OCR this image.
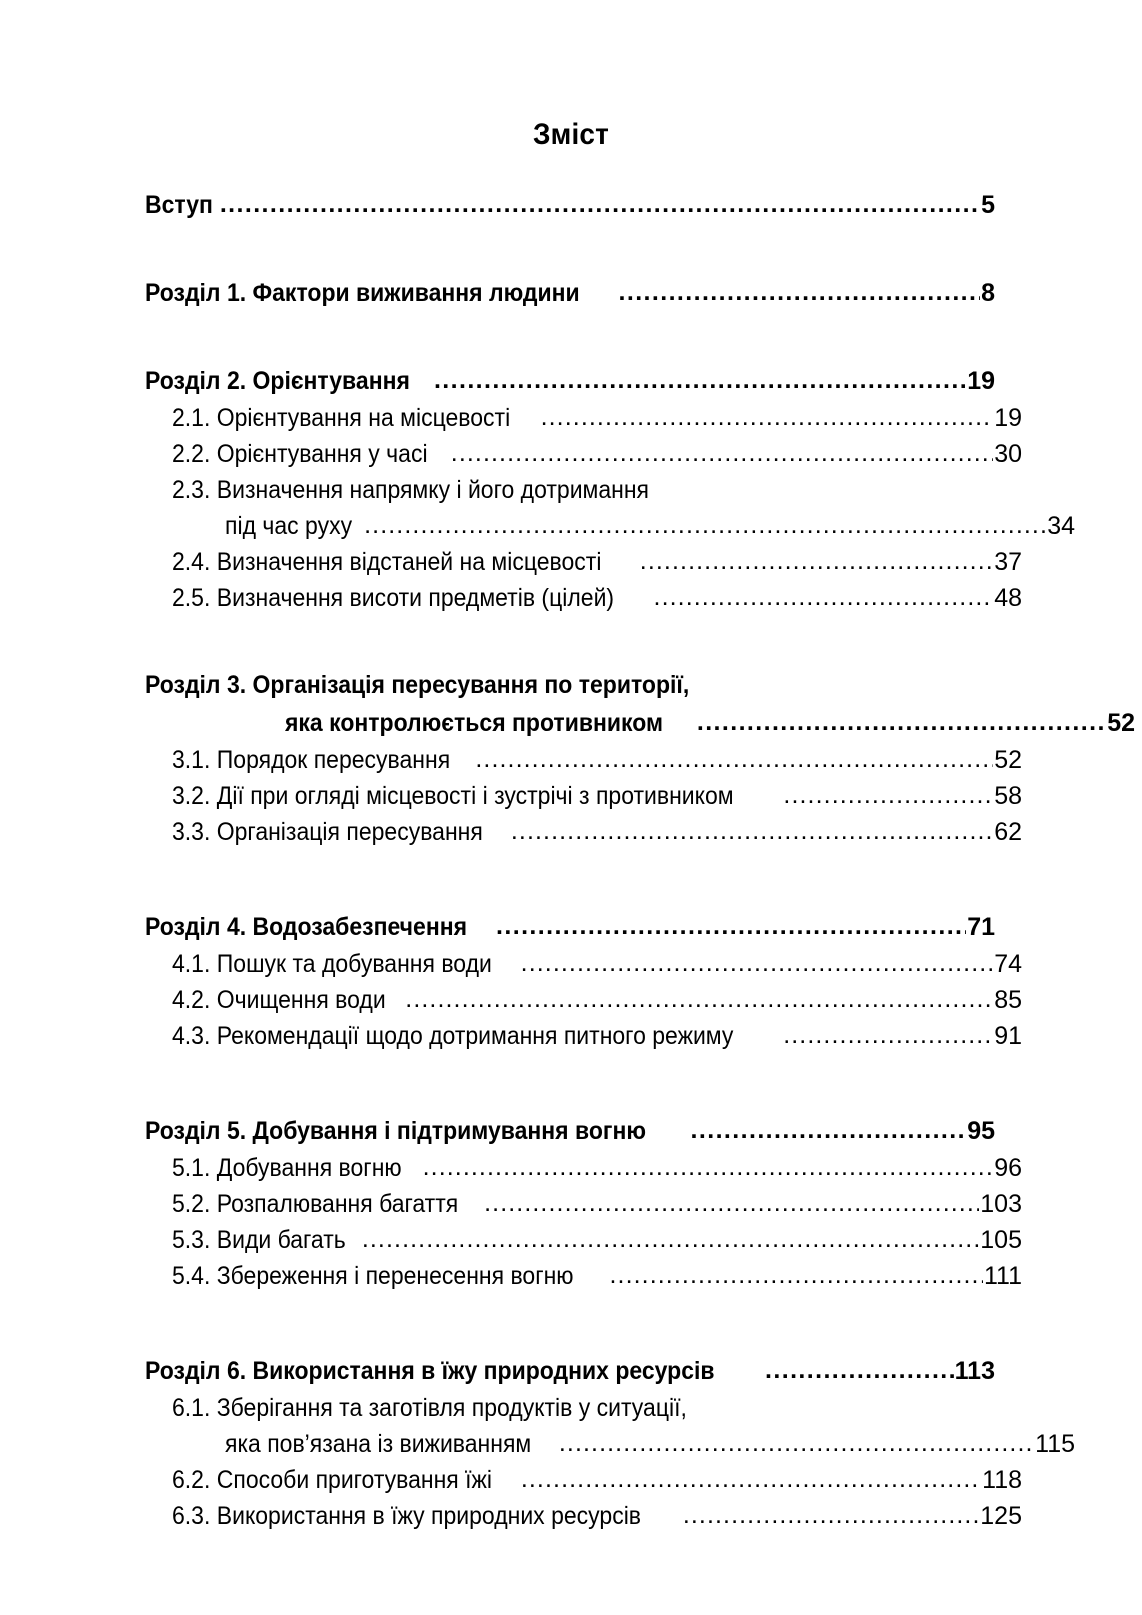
Зміст
Вступ .....	5
Розділ 1. Фактори виживання людини .....	8
Розділ 2. Орієнтування .....	19
2.1. Орієнтування на місцевості .....	19
2.2. Орієнтування у часі .....	30
2.3. Визначення напрямку і його дотримання
під час руху .....	34
2.4. Визначення відстаней на місцевості .....	37
2.5. Визначення висоти предметів (цілей) .....	48
Розділ 3. Організація пересування по території,
яка контролюється противником .....	52
3.1. Порядок пересування .....	52
3.2. Дії при огляді місцевості і зустрічі з противником .....	58
3.3. Організація пересування .....	62
Розділ 4. Водозабезпечення .....	71
4.1. Пошук та добування води .....	74
4.2. Очищення води .....	85
4.3. Рекомендації щодо дотримання питного режиму .....	91
Розділ 5. Добування і підтримування вогню .....	95
5.1. Добування вогню .....	96
5.2. Розпалювання багаття .....	103
5.3. Види багать .....	105
5.4. Збереження і перенесення вогню .....	111
Розділ 6. Використання в їжу природних ресурсів .....	113
6.1. Зберігання та заготівля продуктів у ситуації,
яка пов’язана із виживанням .....	115
6.2. Способи приготування їжі .....	118
6.3. Використання в їжу природних ресурсів .....	125
